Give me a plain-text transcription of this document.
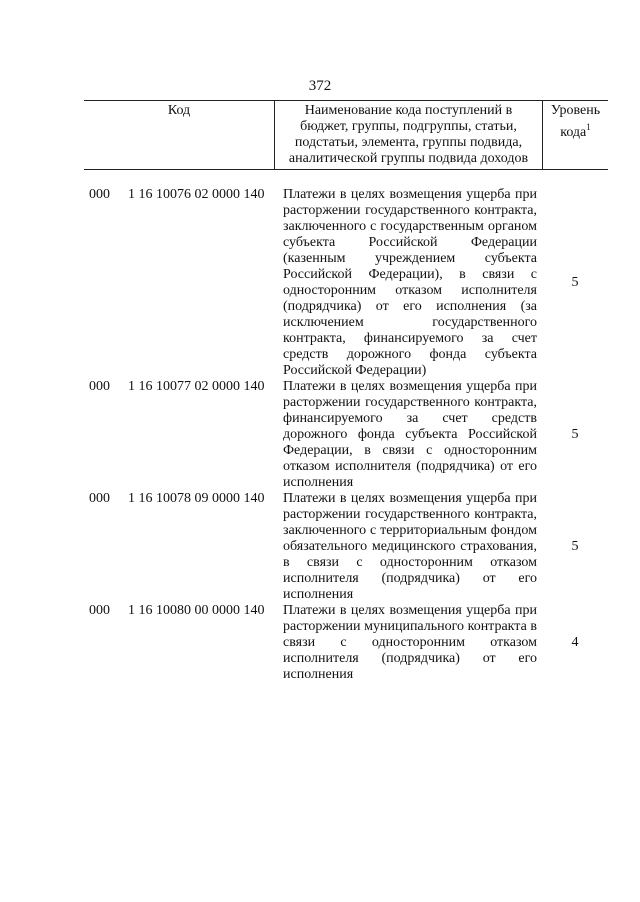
372
Код	Наименование кода поступлений в
бюджет, группы, подгруппы, статьи,
подстатьи, элемента, группы подвида,
аналитической группы подвида доходов
Уровень
кода$^1$
000 1 16 10076 02 0000 140 Платежи в целях возмещения ущерба при расторжении государственного контракта, заключенного с государственным органом субъекта Российской Федерации (казенным учреждением субъекта Российской Федерации), в связи с односторонним отказом исполнителя (подрядчика) от его исполнения (за исключением государственного контракта, финансируемого за счет средств дорожного фонда субъекта Российской Федерации)
5
000 1 16 10077 02 0000 140 Платежи в целях возмещения ущерба при расторжении государственного контракта, финансируемого за счет средств дорожного фонда субъекта Российской Федерации, в связи с односторонним отказом исполнителя (подрядчика) от его исполнения
5
000 1 16 10078 09 0000 140 Платежи в целях возмещения ущерба при расторжении государственного контракта, заключенного с территориальным фондом обязательного медицинского страхования, в связи с односторонним отказом исполнителя (подрядчика) от его исполнения
5
000 1 16 10080 00 0000 140 Платежи в целях возмещения ущерба при расторжении муниципального контракта в связи с односторонним отказом исполнителя (подрядчика) от его исполнения
4
